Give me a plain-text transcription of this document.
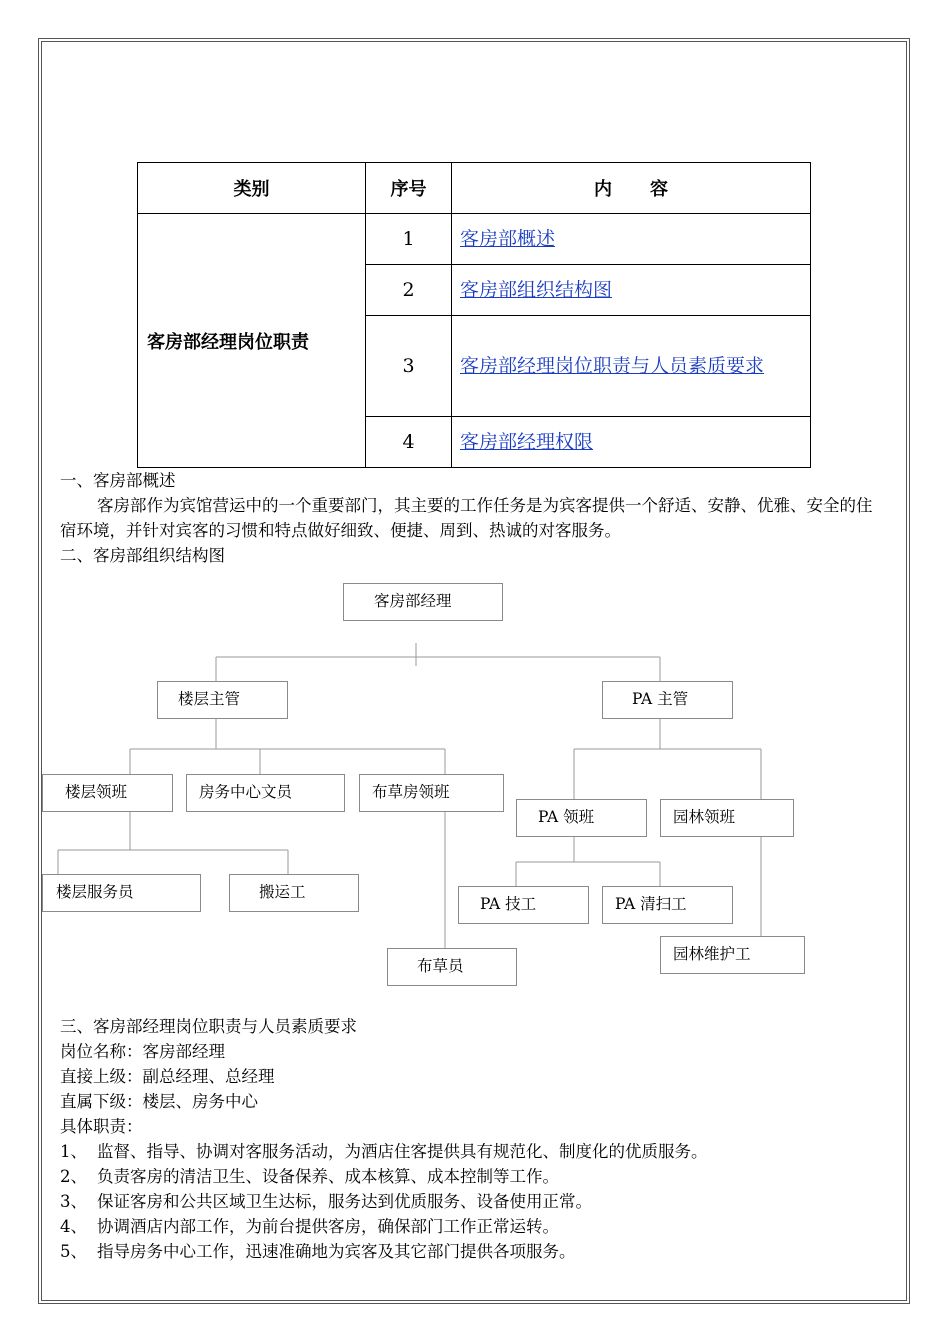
类别	序号	内 容
客房部经理岗位职责	1	客房部概述
	2	客房部组织结构图
	3	客房部经理岗位职责与人员素质要求
	4	客房部经理权限
一、客房部概述
客房部作为宾馆营运中的一个重要部门，其主要的工作任务是为宾客提供一个舒适、安静、优雅、安全的住宿环境，并针对宾客的习惯和特点做好细致、便捷、周到、热诚的对客服务。
二、客房部组织结构图
客房部经理
楼层主管	PA 主管
楼层领班	房务中心文员	布草房领班
PA 领班	园林领班
楼层服务员	搬运工
PA 技工	PA 清扫工
布草员
园林维护工
三、客房部经理岗位职责与人员素质要求
岗位名称：客房部经理
直接上级：副总经理、总经理
直属下级：楼层、房务中心
具体职责：
1、 监督、指导、协调对客服务活动，为酒店住客提供具有规范化、制度化的优质服务。
2、 负责客房的清洁卫生、设备保养、成本核算、成本控制等工作。
3、 保证客房和公共区域卫生达标，服务达到优质服务、设备使用正常。
4、 协调酒店内部工作，为前台提供客房，确保部门工作正常运转。
5、 指导房务中心工作，迅速准确地为宾客及其它部门提供各项服务。
